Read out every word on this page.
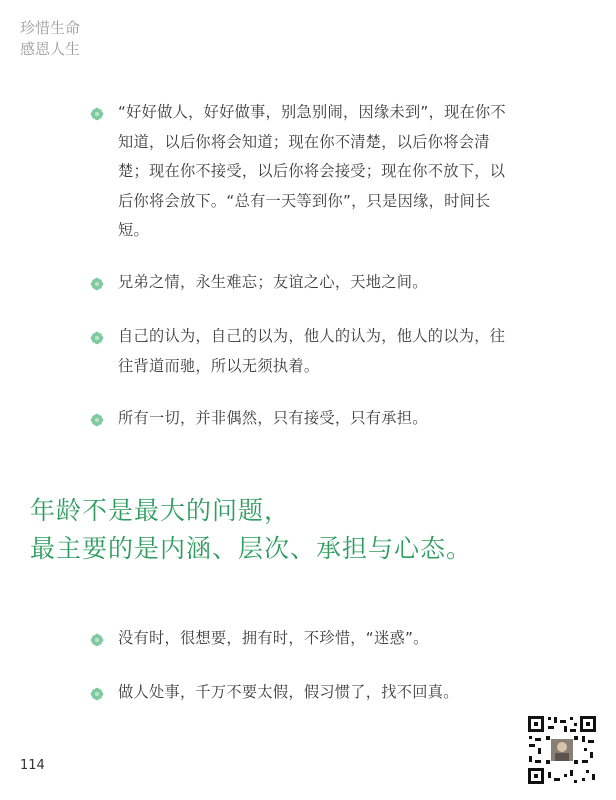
珍惜生命
感恩人生
“好好做人，好好做事，别急别闹，因缘未到”，现在你不知道，以后你将会知道；现在你不清楚，以后你将会清楚；现在你不接受，以后你将会接受；现在你不放下，以后你将会放下。“总有一天等到你”，只是因缘，时间长短。
兄弟之情，永生难忘；友谊之心，天地之间。
自己的认为，自己的以为，他人的认为，他人的以为，往往背道而驰，所以无须执着。
所有一切，并非偶然，只有接受，只有承担。
年龄不是最大的问题，
最主要的是内涵、层次、承担与心态。
没有时，很想要，拥有时，不珍惜，“迷惑”。
做人处事，千万不要太假，假习惯了，找不回真。
114
